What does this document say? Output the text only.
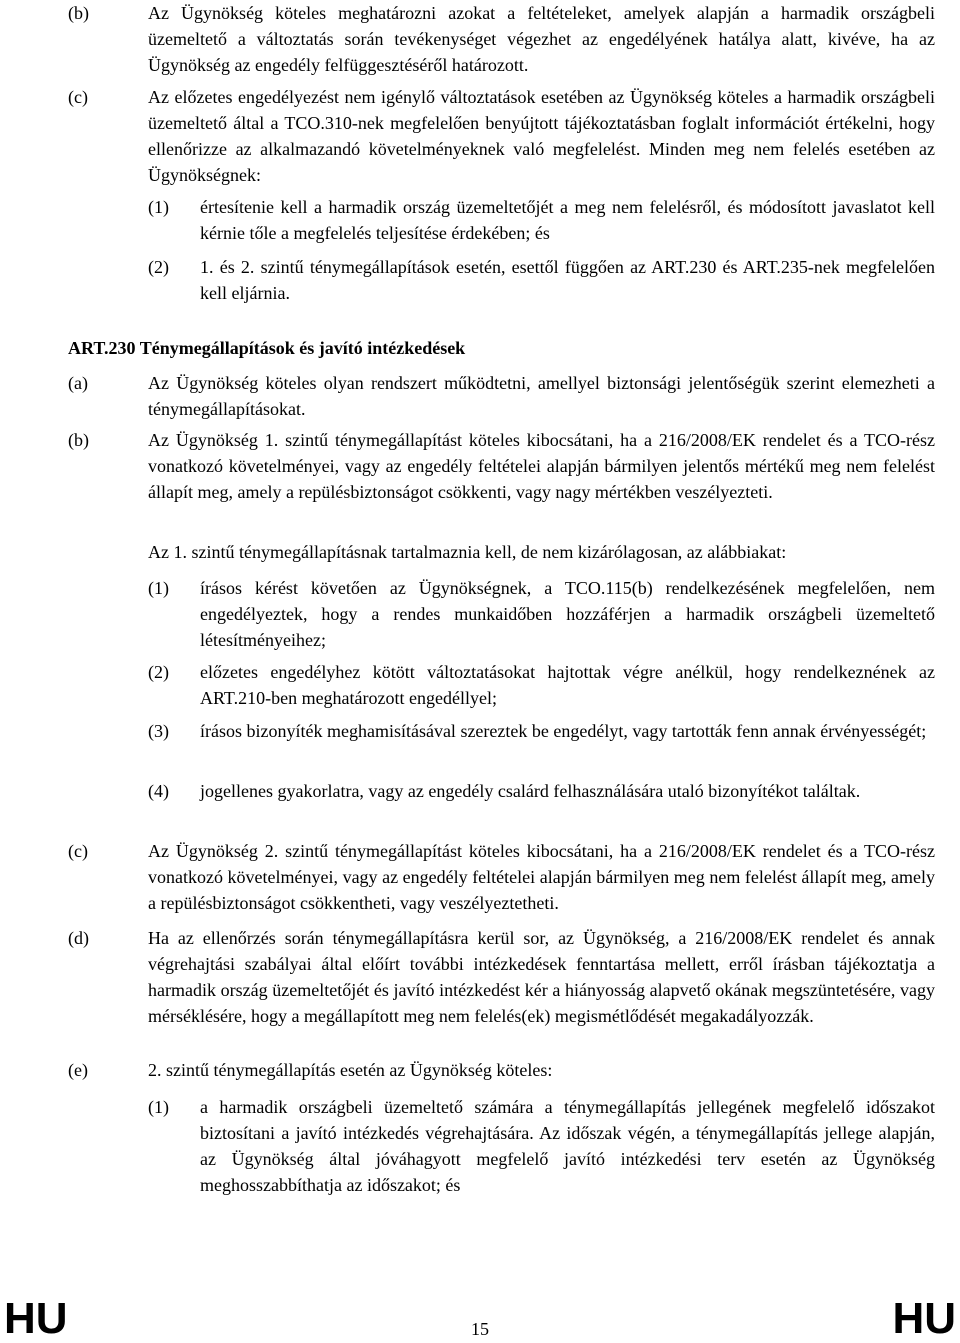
(b)	Az Ügynökség köteles meghatározni azokat a feltételeket, amelyek alapján a harmadik országbeli üzemeltető a változtatás során tevékenységet végezhet az engedélyének hatálya alatt, kivéve, ha az Ügynökség az engedély felfüggesztéséről határozott.
(c)	Az előzetes engedélyezést nem igénylő változtatások esetében az Ügynökség köteles a harmadik országbeli üzemeltető által a TCO.310-nek megfelelően benyújtott tájékoztatásban foglalt információt értékelni, hogy ellenőrizze az alkalmazandó követelményeknek való megfelelést. Minden meg nem felelés esetében az Ügynökségnek:
(1) értesítenie kell a harmadik ország üzemeltetőjét a meg nem felelésről, és módosított javaslatot kell kérnie tőle a megfelelés teljesítése érdekében; és
(2) 1. és 2. szintű ténymegállapítások esetén, esettől függően az ART.230 és ART.235-nek megfelelően kell eljárnia.
ART.230 Ténymegállapítások és javító intézkedések
(a)	Az Ügynökség köteles olyan rendszert működtetni, amellyel biztonsági jelentőségük szerint elemezheti a ténymegállapításokat.
(b)	Az Ügynökség 1. szintű ténymegállapítást köteles kibocsátani, ha a 216/2008/EK rendelet és a TCO-rész vonatkozó követelményei, vagy az engedély feltételei alapján bármilyen jelentős mértékű meg nem felelést állapít meg, amely a repülésbiztonságot csökkenti, vagy nagy mértékben veszélyezteti.
Az 1. szintű ténymegállapításnak tartalmaznia kell, de nem kizárólagosan, az alábbiakat:
(1) írásos kérést követően az Ügynökségnek, a TCO.115(b) rendelkezésének megfelelően, nem engedélyeztek, hogy a rendes munkaidőben hozzáférjen a harmadik országbeli üzemeltető létesítményeihez;
(2) előzetes engedélyhez kötött változtatásokat hajtottak végre anélkül, hogy rendelkeznének az ART.210-ben meghatározott engedéllyel;
(3) írásos bizonyíték meghamisításával szereztek be engedélyt, vagy tartották fenn annak érvényességét;
(4) jogellenes gyakorlatra, vagy az engedély csalárd felhasználására utaló bizonyítékot találtak.
(c)	Az Ügynökség 2. szintű ténymegállapítást köteles kibocsátani, ha a 216/2008/EK rendelet és a TCO-rész vonatkozó követelményei, vagy az engedély feltételei alapján bármilyen meg nem felelést állapít meg, amely a repülésbiztonságot csökkentheti, vagy veszélyeztetheti.
(d)	Ha az ellenőrzés során ténymegállapításra kerül sor, az Ügynökség, a 216/2008/EK rendelet és annak végrehajtási szabályai által előírt további intézkedések fenntartása mellett, erről írásban tájékoztatja a harmadik ország üzemeltetőjét és javító intézkedést kér a hiányosság alapvető okának megszüntetésére, vagy mérséklésére, hogy a megállapított meg nem felelés(ek) megismétlődését megakadályozzák.
(e)	2. szintű ténymegállapítás esetén az Ügynökség köteles:
(1) a harmadik országbeli üzemeltető számára a ténymegállapítás jellegének megfelelő időszakot biztosítani a javító intézkedés végrehajtására. Az időszak végén, a ténymegállapítás jellege alapján, az Ügynökség által jóváhagyott megfelelő javító intézkedési terv esetén az Ügynökség meghosszabbíthatja az időszakot; és
HU	15	HU
